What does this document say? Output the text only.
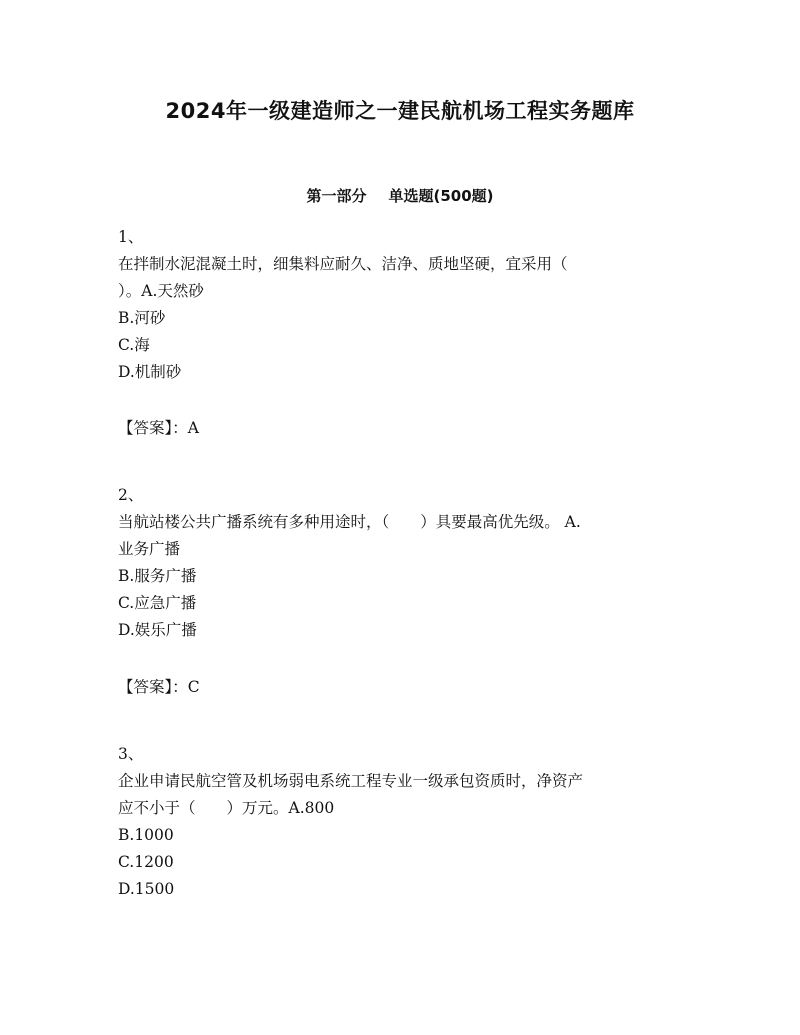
2024年一级建造师之一建民航机场工程实务题库
第一部分 单选题(500题)
1、
在拌制水泥混凝土时，细集料应耐久、洁净、质地坚硬，宜采用（
）。A.天然砂
B.河砂
C.海
D.机制砂
【答案】：A
2、
当航站楼公共广播系统有多种用途时，（　　）具要最高优先级。 A.
业务广播
B.服务广播
C.应急广播
D.娱乐广播
【答案】：C
3、
企业申请民航空管及机场弱电系统工程专业一级承包资质时，净资产
应不小于（　　）万元。A.800
B.1000
C.1200
D.1500
